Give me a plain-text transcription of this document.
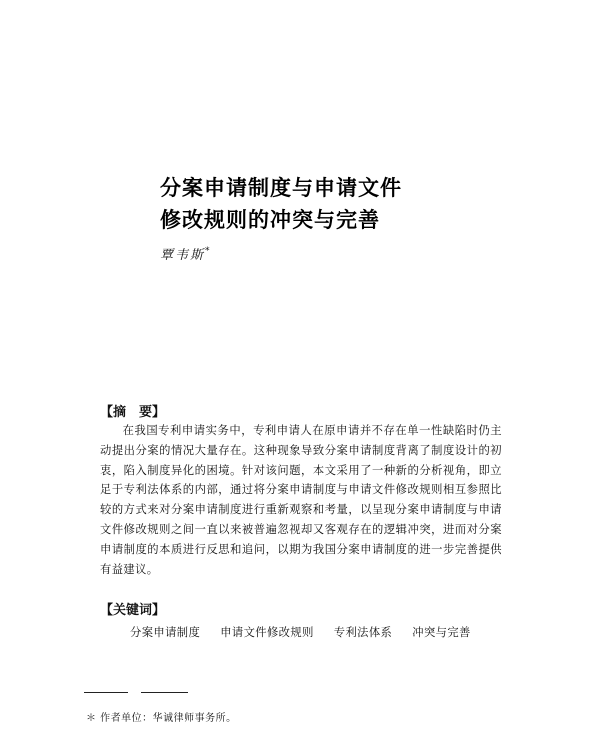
分案申请制度与申请文件
修改规则的冲突与完善
覃韦斯*
【摘　要】

在我国专利申请实务中，专利申请人在原申请并不存在单一性缺陷时仍主动提出分案的情况大量存在。这种现象导致分案申请制度背离了制度设计的初衷，陷入制度异化的困境。针对该问题，本文采用了一种新的分析视角，即立足于专利法体系的内部，通过将分案申请制度与申请文件修改规则相互参照比较的方式来对分案申请制度进行重新观察和考量，以呈现分案申请制度与申请文件修改规则之间一直以来被普遍忽视却又客观存在的逻辑冲突，进而对分案申请制度的本质进行反思和追问，以期为我国分案申请制度的进一步完善提供有益建议。

【关键词】
分案申请制度 申请文件修改规则 专利法体系 冲突与完善
＊ 作者单位：华诚律师事务所。
